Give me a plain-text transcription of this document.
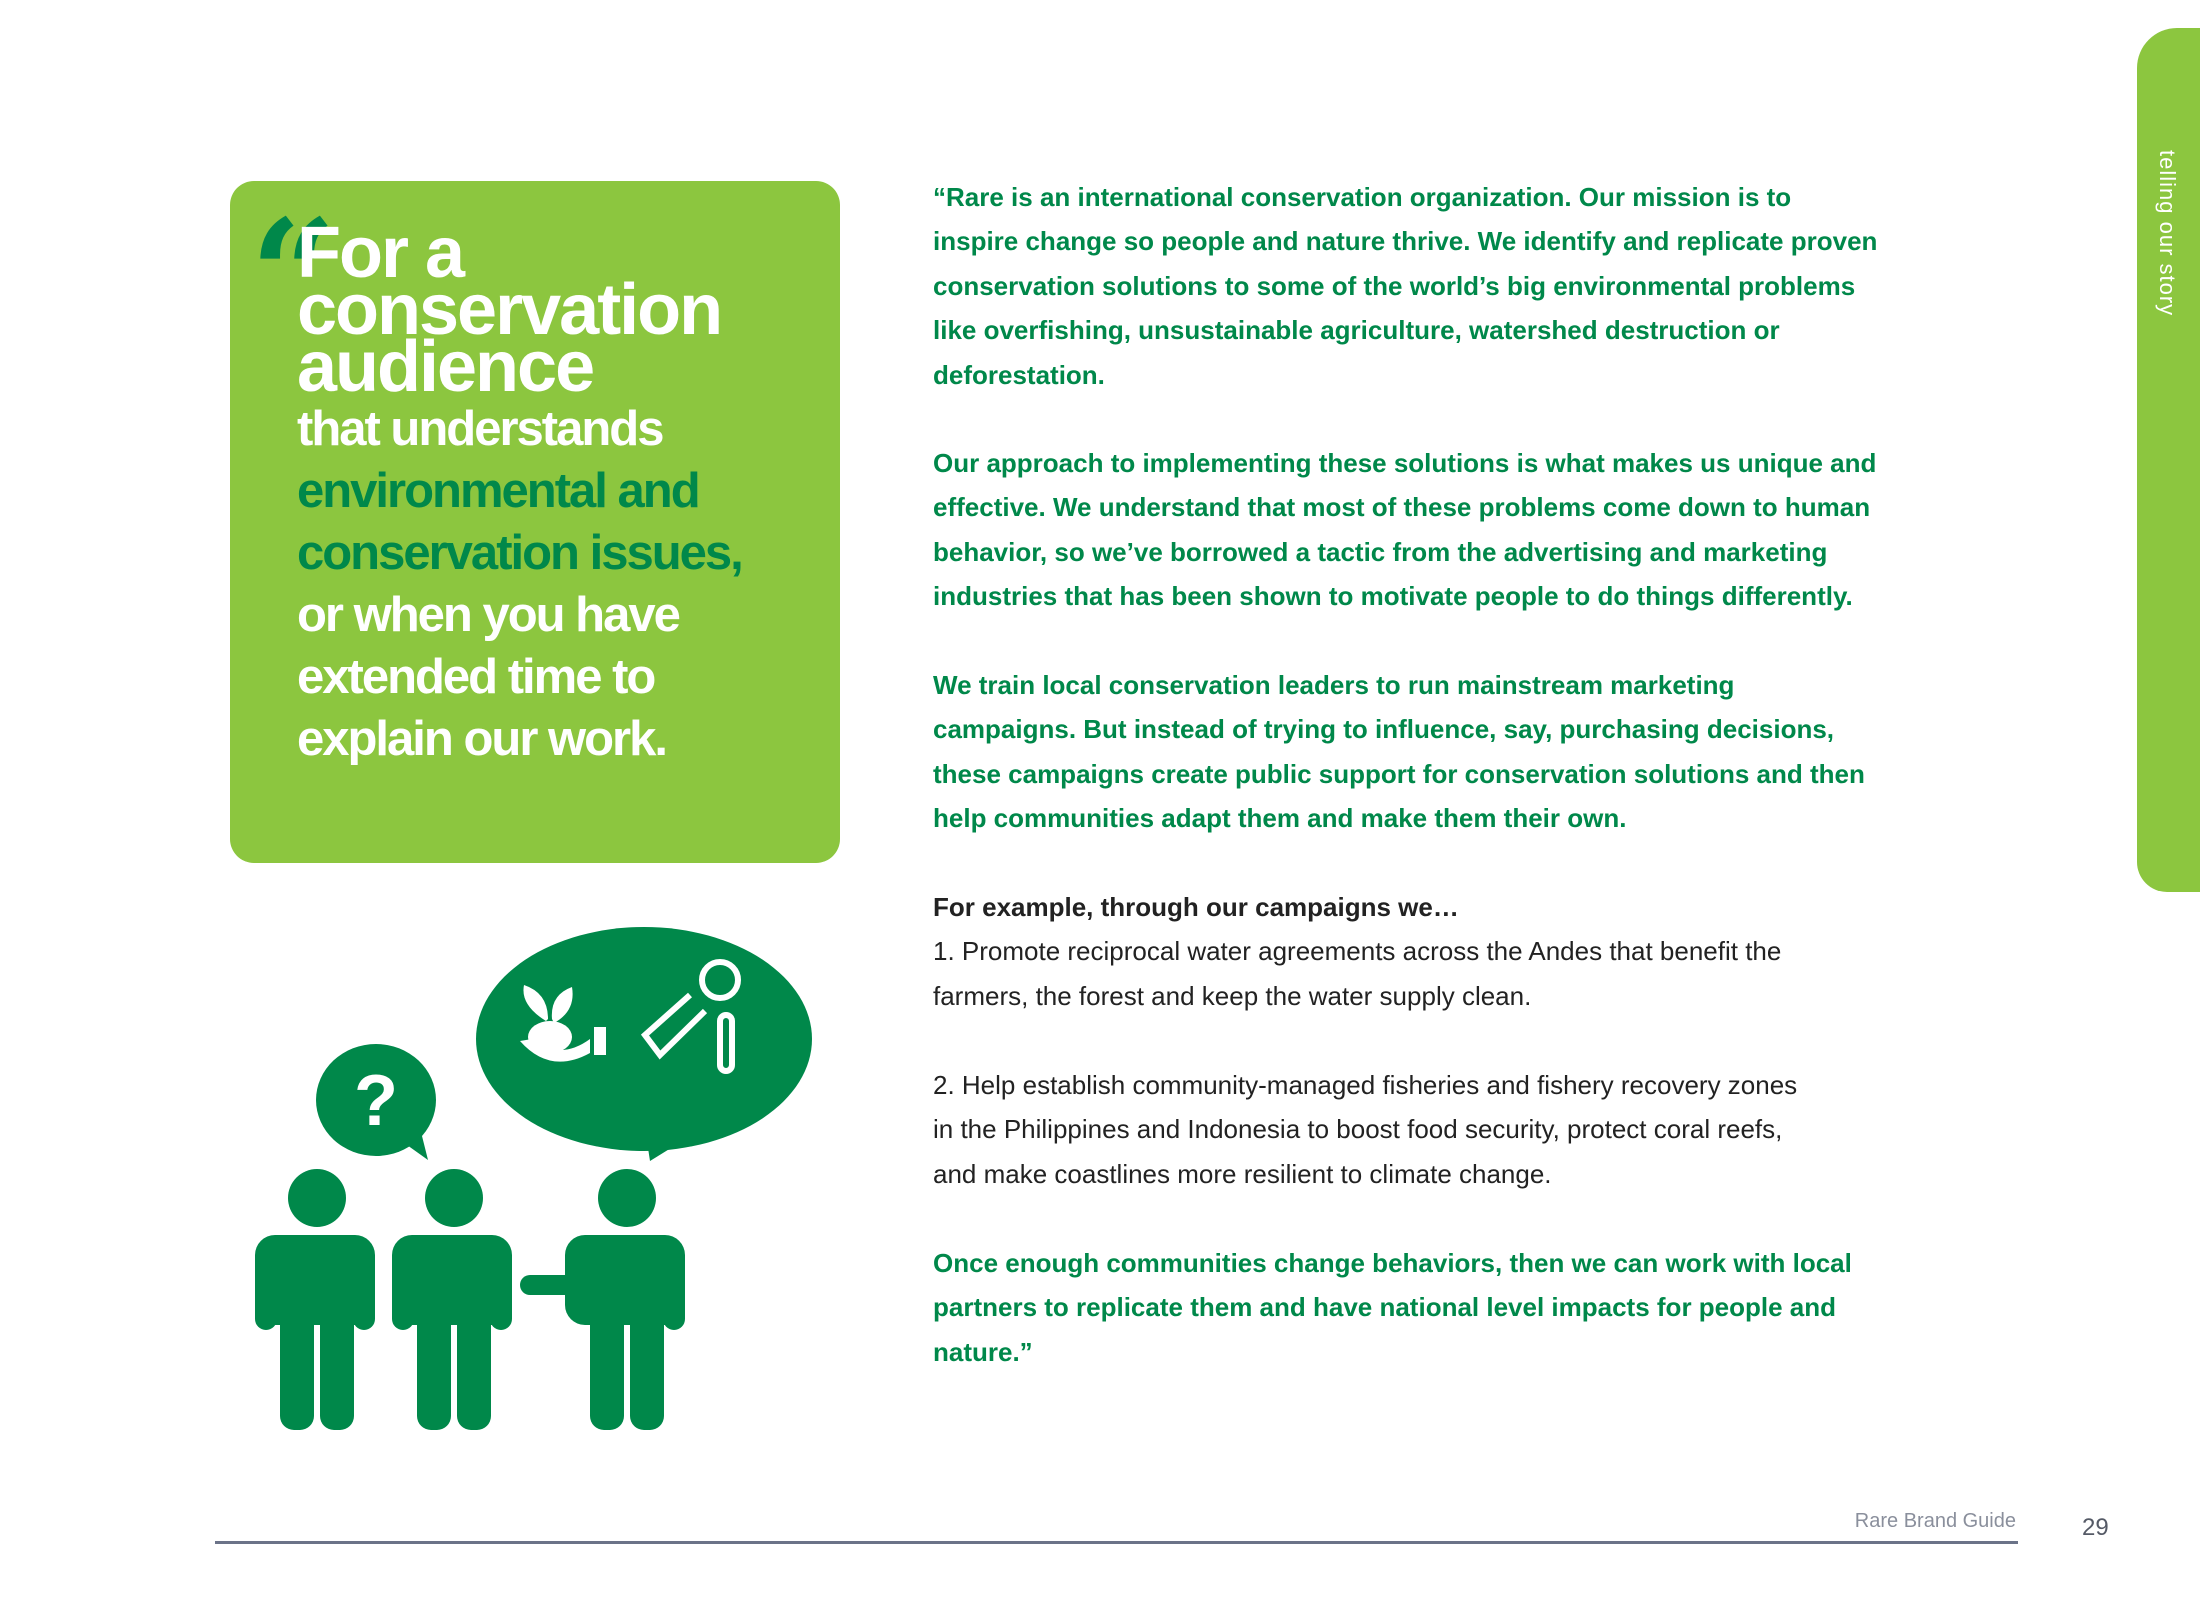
telling our story
“
For a
conservation
audience
that understands
environmental and
conservation issues,
or when you have
extended time to
explain our work.
?

“Rare is an international conservation organization. Our mission is to

inspire change so people and nature thrive. We identify and replicate proven

conservation solutions to some of the world’s big environmental problems

like overfishing, unsustainable agriculture, watershed destruction or

deforestation.

Our approach to implementing these solutions is what makes us unique and

effective. We understand that most of these problems come down to human

behavior, so we’ve borrowed a tactic from the advertising and marketing

industries that has been shown to motivate people to do things differently.

We train local conservation leaders to run mainstream marketing

campaigns. But instead of trying to influence, say, purchasing decisions,

these campaigns create public support for conservation solutions and then

help communities adapt them and make them their own.

For example, through our campaigns we…

1. Promote reciprocal water agreements across the Andes that benefit the

farmers, the forest and keep the water supply clean.

2. Help establish community-managed fisheries and fishery recovery zones

in the Philippines and Indonesia to boost food security, protect coral reefs,

and make coastlines more resilient to climate change.

Once enough communities change behaviors, then we can work with local

partners to replicate them and have national level impacts for people and

nature.”

Rare Brand Guide	29
